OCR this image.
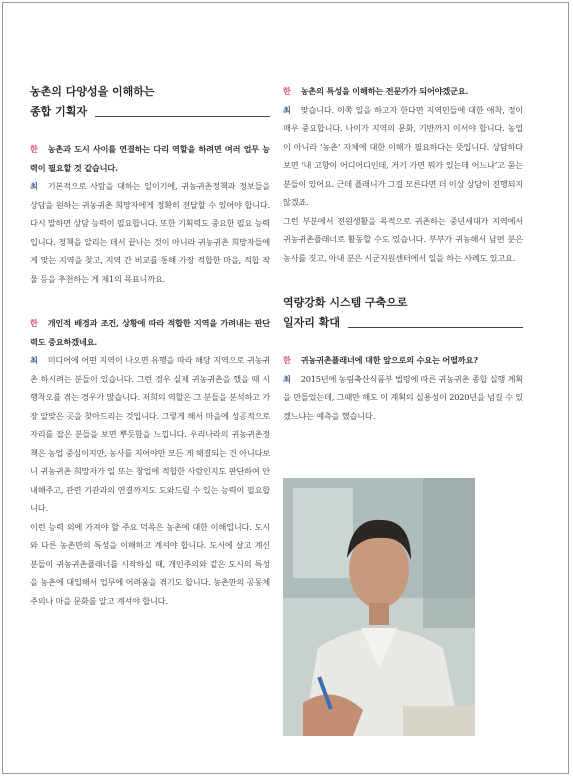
농촌의 다양성을 이해하는
종합 기획자

한 농촌과 도시 사이를 연결하는 다리 역할을 하려면 여러 업무 능력이 필요할 것 같습니다.

최 기본적으로 사람을 대하는 일이기에, 귀농귀촌정책과 정보들을 상담을 원하는 귀농귀촌 희망자에게 정확히 전달할 수 있어야 합니다. 다시 말하면 상담 능력이 필요합니다. 또한 기획력도 중요한 필요 능력입니다. 정책을 알리는 데서 끝나는 것이 아니라 귀농귀촌 희망자들에게 맞는 지역을 찾고, 지역 간 비교를 통해 가장 적합한 마을, 적합 작물 등을 추천하는 게 제1의 목표니까요.

한 개인적 배경과 조건, 상황에 따라 적합한 지역을 가려내는 판단력도 중요하겠네요.

최 미디어에 어떤 지역이 나오면 유행을 따라 해당 지역으로 귀농귀촌 하시려는 분들이 있습니다. 그런 경우 실제 귀농귀촌을 했을 때 시행착오를 겪는 경우가 많습니다. 저희의 역할은 그 분들을 분석하고 가장 알맞은 곳을 찾아드리는 것입니다. 그렇게 해서 마을에 성공적으로 자리를 잡은 분들을 보면 뿌듯함을 느낍니다. 우리나라의 귀농귀촌정책은 농업 중심이지만, 농사를 지어야만 모든 게 해결되는 건 아니다보니 귀농귀촌 희망자가 일 또는 창업에 적합한 사람인지도 판단하여 안내해주고, 관련 기관과의 연결까지도 도와드릴 수 있는 능력이 필요합니다.

이런 능력 외에 가져야 할 주요 덕목은 농촌에 대한 이해입니다. 도시와 다른 농촌만의 특성을 이해하고 계셔야 합니다. 도시에 살고 계신 분들이 귀농귀촌플래너를 시작하실 때, 개인주의와 같은 도시의 특성을 농촌에 대입해서 업무에 어려움을 겪기도 합니다. 농촌만의 공동체 주의나 마을 문화를 알고 계셔야 합니다.

한 농촌의 특성을 이해하는 전문가가 되어야겠군요.

최 맞습니다. 이쪽 일을 하고자 한다면 지역민들에 대한 애착, 정이 매우 중요합니다. 나이가 지역의 문화, 기반까지 이서야 합니다. 농업이 아니라 ‘농촌’ 자체에 대한 이해가 필요하다는 뜻입니다. 상담하다보면 ‘내 고향이 어디어디인데, 거기 가면 뭐가 있는데 어느냐’고 묻는 분들이 있어요. 근데 플래니가 그걸 모른다면 더 이상 상담이 진행되지 않겠죠.

그런 부분에서 전원생활을 목적으로 귀촌하는 중년세대가 지역에서 귀농귀촌플래너로 활동할 수도 있습니다. 부부가 귀농해서 남편 분은 농사를 짓고, 아내 분은 시군지원센터에서 일을 하는 사례도 있고요.

역량강화 시스템 구축으로
일자리 확대

한 귀농귀촌플래너에 대한 앞으로의 수요는 어떨까요?

최 2015년에 농림축산식품부 법령에 따른 귀농귀촌 종합 실행 계획을 만들었는데, 그때만 해도 이 계획의 실용성이 2020년을 넘길 수 있겠느냐는 예측을 했습니다.
